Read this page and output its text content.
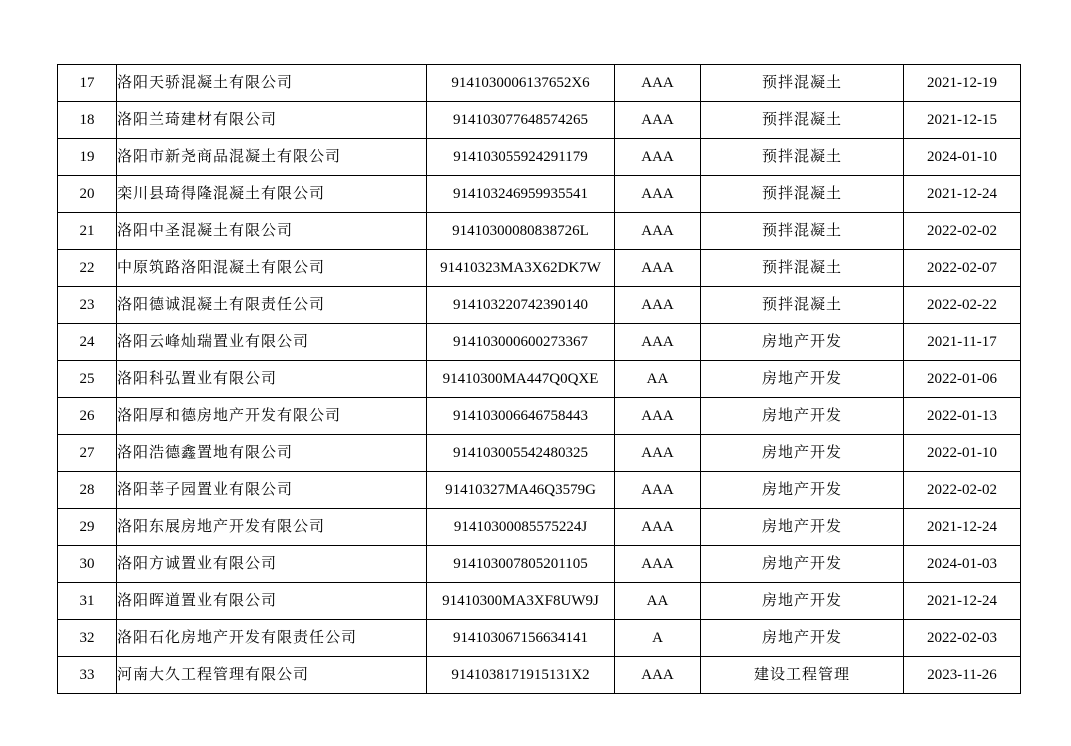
17	洛阳天骄混凝土有限公司	9141030006137652X6	AAA	预拌混凝土	2021-12-19
18	洛阳兰琦建材有限公司	914103077648574265	AAA	预拌混凝土	2021-12-15
19	洛阳市新尧商品混凝土有限公司	914103055924291179	AAA	预拌混凝土	2024-01-10
20	栾川县琦得隆混凝土有限公司	914103246959935541	AAA	预拌混凝土	2021-12-24
21	洛阳中圣混凝土有限公司	91410300080838726L	AAA	预拌混凝土	2022-02-02
22	中原筑路洛阳混凝土有限公司	91410323MA3X62DK7W	AAA	预拌混凝土	2022-02-07
23	洛阳德诚混凝土有限责任公司	914103220742390140	AAA	预拌混凝土	2022-02-22
24	洛阳云峰灿瑞置业有限公司	914103000600273367	AAA	房地产开发	2021-11-17
25	洛阳科弘置业有限公司	91410300MA447Q0QXE	AA	房地产开发	2022-01-06
26	洛阳厚和德房地产开发有限公司	914103006646758443	AAA	房地产开发	2022-01-13
27	洛阳浩德鑫置地有限公司	914103005542480325	AAA	房地产开发	2022-01-10
28	洛阳莘子园置业有限公司	91410327MA46Q3579G	AAA	房地产开发	2022-02-02
29	洛阳东展房地产开发有限公司	91410300085575224J	AAA	房地产开发	2021-12-24
30	洛阳方诚置业有限公司	914103007805201105	AAA	房地产开发	2024-01-03
31	洛阳晖道置业有限公司	91410300MA3XF8UW9J	AA	房地产开发	2021-12-24
32	洛阳石化房地产开发有限责任公司	914103067156634141	A	房地产开发	2022-02-03
33	河南大久工程管理有限公司	9141038171915131X2	AAA	建设工程管理	2023-11-26
